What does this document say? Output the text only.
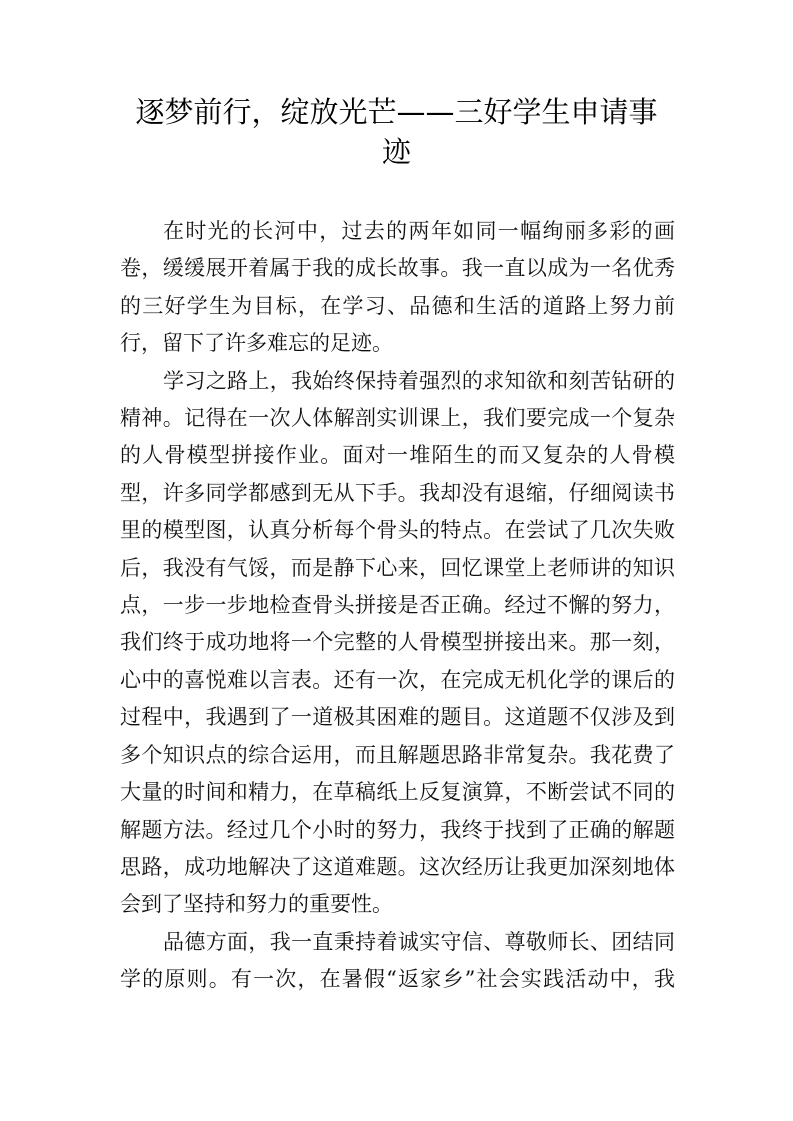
逐梦前行，绽放光芒——三好学生申请事
迹
在时光的长河中，过去的两年如同一幅绚丽多彩的画
卷，缓缓展开着属于我的成长故事。我一直以成为一名优秀
的三好学生为目标，在学习、品德和生活的道路上努力前
行，留下了许多难忘的足迹。
学习之路上，我始终保持着强烈的求知欲和刻苦钻研的
精神。记得在一次人体解剖实训课上，我们要完成一个复杂
的人骨模型拼接作业。面对一堆陌生的而又复杂的人骨模
型，许多同学都感到无从下手。我却没有退缩，仔细阅读书
里的模型图，认真分析每个骨头的特点。在尝试了几次失败
后，我没有气馁，而是静下心来，回忆课堂上老师讲的知识
点，一步一步地检查骨头拼接是否正确。经过不懈的努力，
我们终于成功地将一个完整的人骨模型拼接出来。那一刻，
心中的喜悦难以言表。还有一次，在完成无机化学的课后的
过程中，我遇到了一道极其困难的题目。这道题不仅涉及到
多个知识点的综合运用，而且解题思路非常复杂。我花费了
大量的时间和精力，在草稿纸上反复演算，不断尝试不同的
解题方法。经过几个小时的努力，我终于找到了正确的解题
思路，成功地解决了这道难题。这次经历让我更加深刻地体
会到了坚持和努力的重要性。
品德方面，我一直秉持着诚实守信、尊敬师长、团结同
学的原则。有一次，在暑假“返家乡”社会实践活动中，我
